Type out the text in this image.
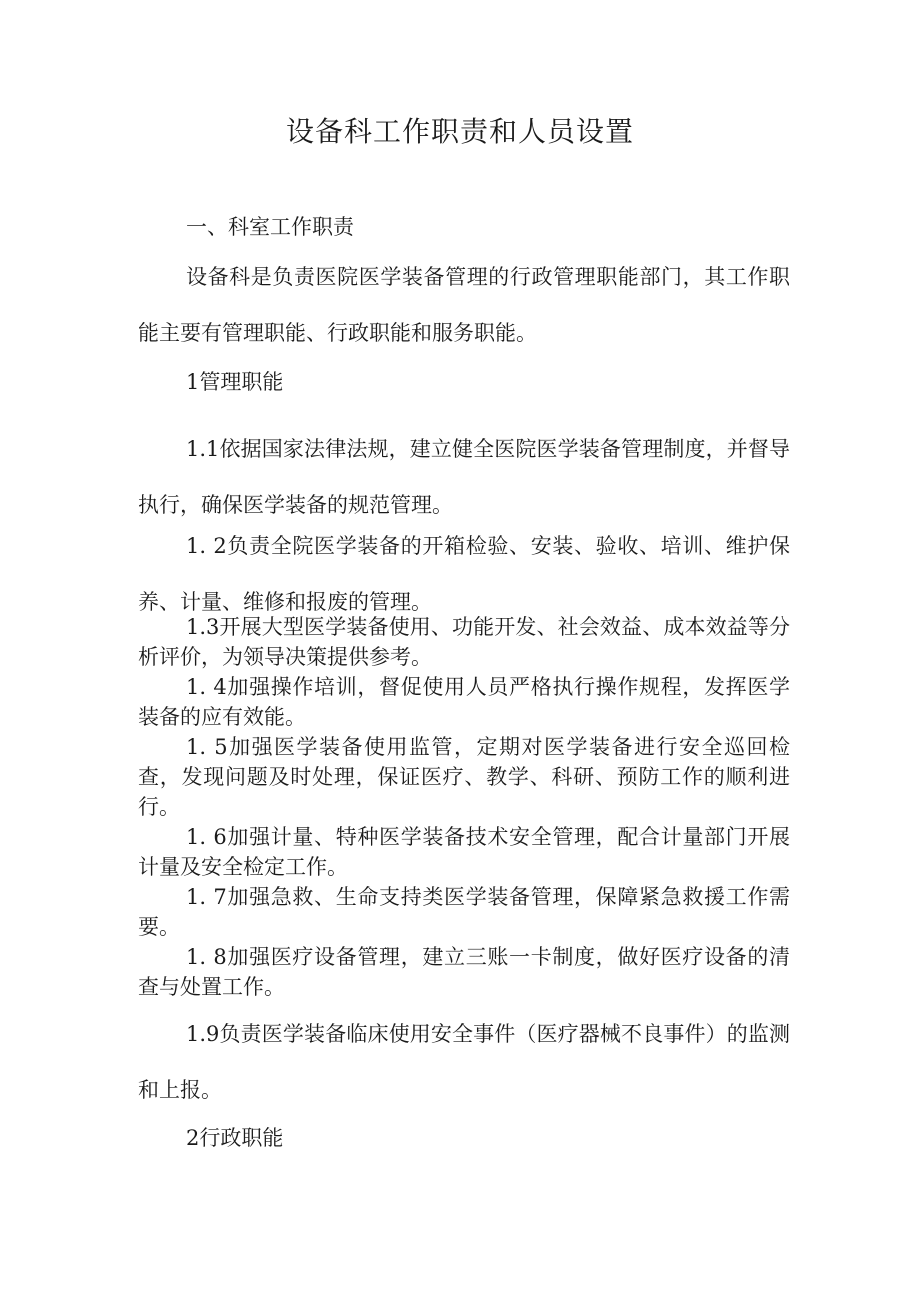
设备科工作职责和人员设置
一、科室工作职责
设备科是负责医院医学装备管理的行政管理职能部门，其工作职能主要有管理职能、行政职能和服务职能。
1管理职能
1.1依据国家法律法规，建立健全医院医学装备管理制度，并督导执行，确保医学装备的规范管理。
1. 2负责全院医学装备的开箱检验、安装、验收、培训、维护保养、计量、维修和报废的管理。
1.3开展大型医学装备使用、功能开发、社会效益、成本效益等分析评价，为领导决策提供参考。
1. 4加强操作培训，督促使用人员严格执行操作规程，发挥医学装备的应有效能。
1. 5加强医学装备使用监管，定期对医学装备进行安全巡回检查，发现问题及时处理，保证医疗、教学、科研、预防工作的顺利进行。
1. 6加强计量、特种医学装备技术安全管理，配合计量部门开展计量及安全检定工作。
1. 7加强急救、生命支持类医学装备管理，保障紧急救援工作需要。
1. 8加强医疗设备管理，建立三账一卡制度，做好医疗设备的清查与处置工作。
1.9负责医学装备临床使用安全事件（医疗器械不良事件）的监测和上报。
2行政职能
